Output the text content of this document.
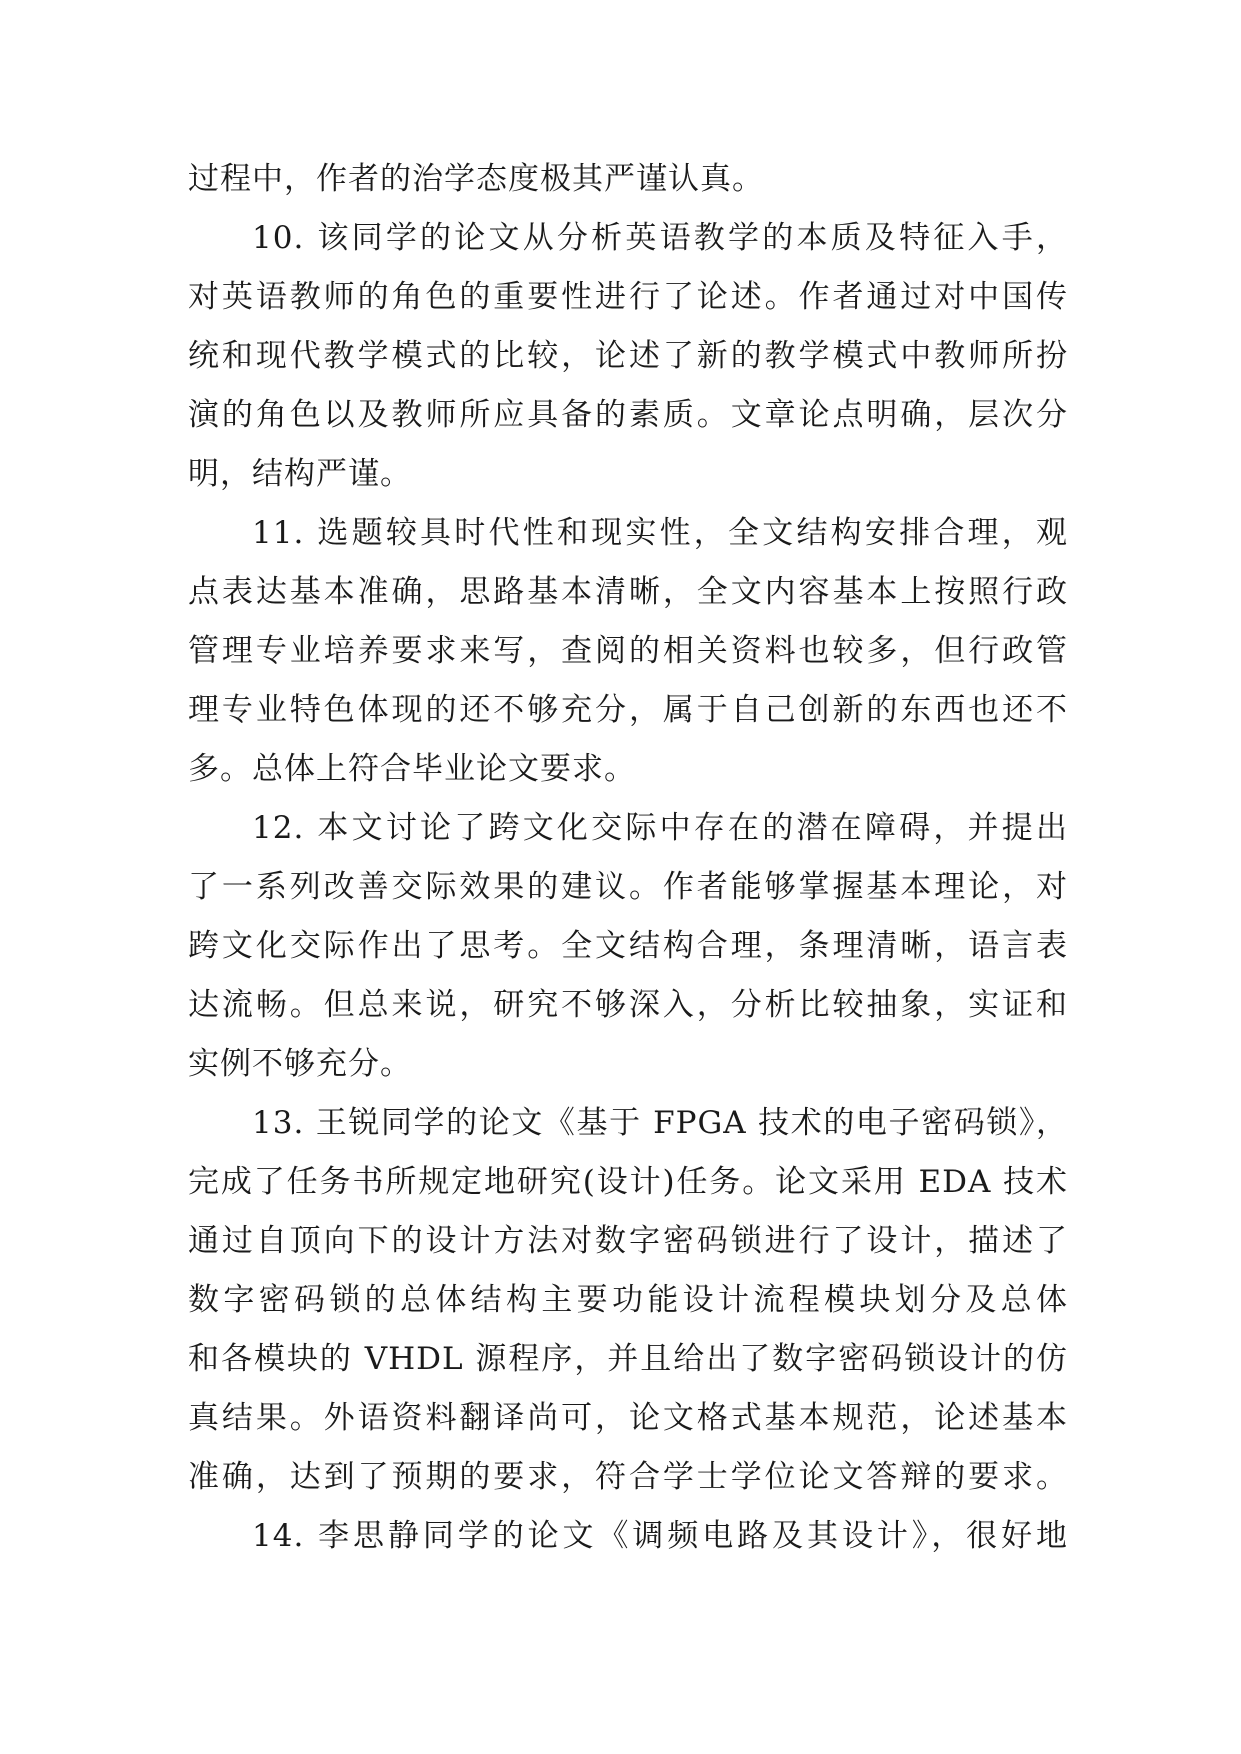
过程中，作者的治学态度极其严谨认真。
10. 该同学的论文从分析英语教学的本质及特征入手，
对英语教师的角色的重要性进行了论述。作者通过对中国传
统和现代教学模式的比较，论述了新的教学模式中教师所扮
演的角色以及教师所应具备的素质。文章论点明确，层次分
明，结构严谨。
11. 选题较具时代性和现实性，全文结构安排合理，观
点表达基本准确，思路基本清晰，全文内容基本上按照行政
管理专业培养要求来写，查阅的相关资料也较多，但行政管
理专业特色体现的还不够充分，属于自己创新的东西也还不
多。总体上符合毕业论文要求。
12. 本文讨论了跨文化交际中存在的潜在障碍，并提出
了一系列改善交际效果的建议。作者能够掌握基本理论，对
跨文化交际作出了思考。全文结构合理，条理清晰，语言表
达流畅。但总来说，研究不够深入，分析比较抽象，实证和
实例不够充分。
13. 王锐同学的论文《基于 FPGA 技术的电子密码锁》，
完成了任务书所规定地研究(设计)任务。论文采用 EDA 技术
通过自顶向下的设计方法对数字密码锁进行了设计，描述了
数字密码锁的总体结构主要功能设计流程模块划分及总体
和各模块的 VHDL 源程序，并且给出了数字密码锁设计的仿
真结果。外语资料翻译尚可，论文格式基本规范，论述基本
准确，达到了预期的要求，符合学士学位论文答辩的要求。
14. 李思静同学的论文《调频电路及其设计》，很好地
